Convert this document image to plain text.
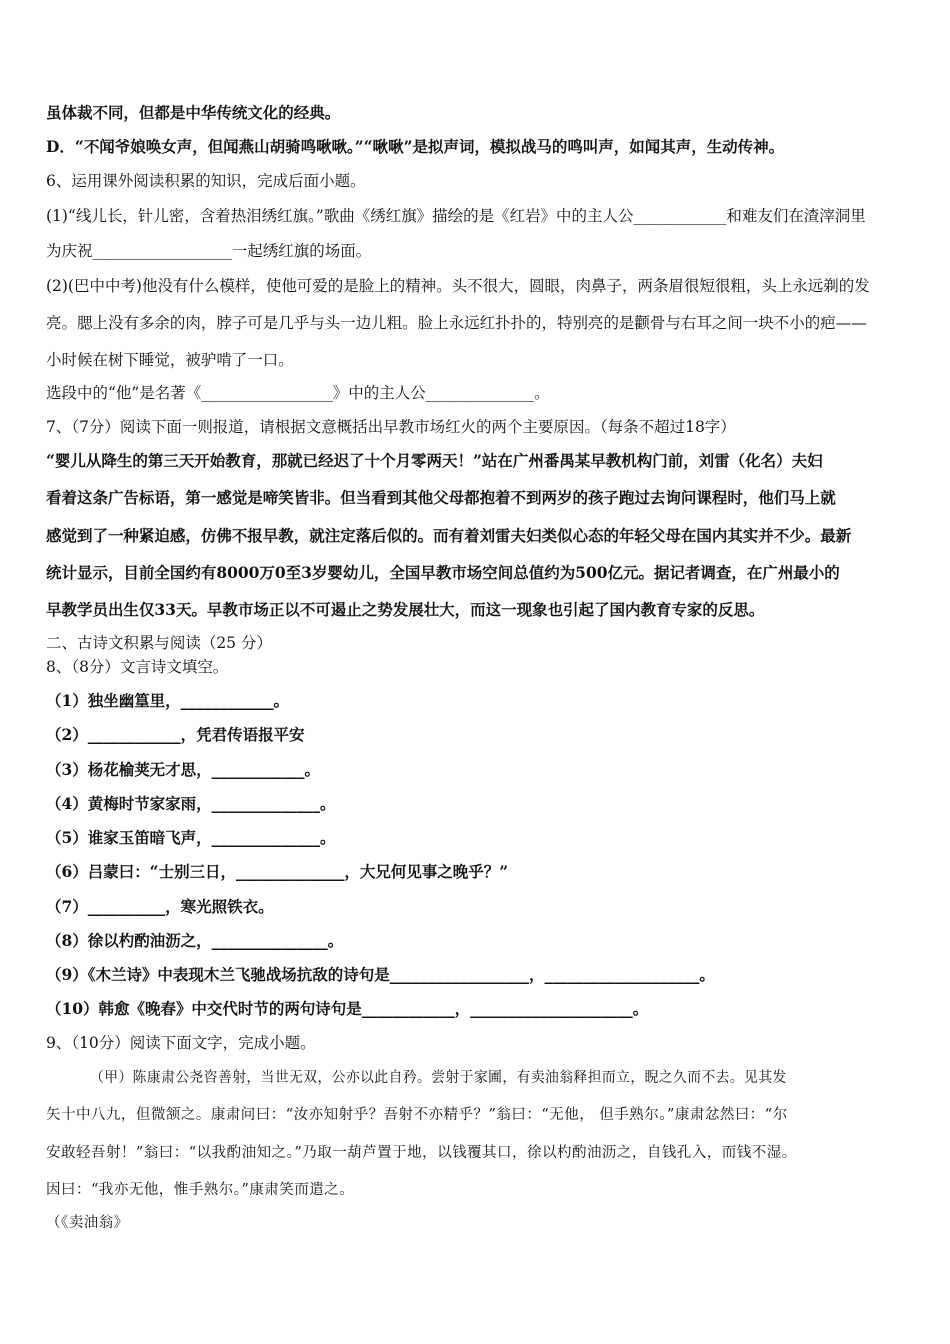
虽体裁不同，但都是中华传统文化的经典。
D．“不闻爷娘唤女声，但闻燕山胡骑鸣啾啾。”“啾啾”是拟声词，模拟战马的鸣叫声，如闻其声，生动传神。
6、运用课外阅读积累的知识，完成后面小题。
(1)“线儿长，针儿密，含着热泪绣红旗。”歌曲《绣红旗》描绘的是《红岩》中的主人公____________和难友们在渣滓洞里
为庆祝__________________一起绣红旗的场面。
(2)(巴中中考)他没有什么模样，使他可爱的是脸上的精神。头不很大，圆眼，肉鼻子，两条眉很短很粗，头上永远剃的发
亮。腮上没有多余的肉，脖子可是几乎与头一边儿粗。脸上永远红扑扑的，特别亮的是颧骨与右耳之间一块不小的疤——
小时候在树下睡觉，被驴啃了一口。
选段中的“他”是名著《_________________》中的主人公______________。
7、（7分）阅读下面一则报道，请根据文意概括出早教市场红火的两个主要原因。（每条不超过18字）
“婴儿从降生的第三天开始教育，那就已经迟了十个月零两天！”站在广州番禺某早教机构门前，刘雷（化名）夫妇
看着这条广告标语，第一感觉是啼笑皆非。但当看到其他父母都抱着不到两岁的孩子跑过去询问课程时，他们马上就
感觉到了一种紧迫感，仿佛不报早教，就注定落后似的。而有着刘雷夫妇类似心态的年轻父母在国内其实并不少。最新
统计显示，目前全国约有8000万0至3岁婴幼儿，全国早教市场空间总值约为500亿元。据记者调查，在广州最小的
早教学员出生仅33天。早教市场正以不可遏止之势发展壮大，而这一现象也引起了国内教育专家的反思。
二、古诗文积累与阅读（25 分）
8、（8分）文言诗文填空。
（1）独坐幽篁里，____________。
（2）____________，凭君传语报平安
（3）杨花榆荚无才思，____________。
（4）黄梅时节家家雨，______________。
（5）谁家玉笛暗飞声，______________。
（6）吕蒙曰：“士别三日，______________，大兄何见事之晚乎？”
（7）__________，寒光照铁衣。
（8）徐以杓酌油沥之，_______________。
（9）《木兰诗》中表现木兰飞驰战场抗敌的诗句是__________________，____________________。
（10）韩愈《晚春》中交代时节的两句诗句是____________，_____________________。
9、（10分）阅读下面文字，完成小题。
（甲）陈康肃公尧咨善射，当世无双，公亦以此自矜。尝射于家圃，有卖油翁释担而立，睨之久而不去。见其发
矢十中八九，但微颔之。康肃问曰：“汝亦知射乎？吾射不亦精乎？”翁曰：“无他， 但手熟尔。”康肃忿然曰：“尔
安敢轻吾射！”翁曰：“以我酌油知之。”乃取一葫芦置于地，以钱覆其口，徐以杓酌油沥之，自钱孔入，而钱不湿。
因曰：“我亦无他，惟手熟尔。”康肃笑而遣之。
（《卖油翁》
